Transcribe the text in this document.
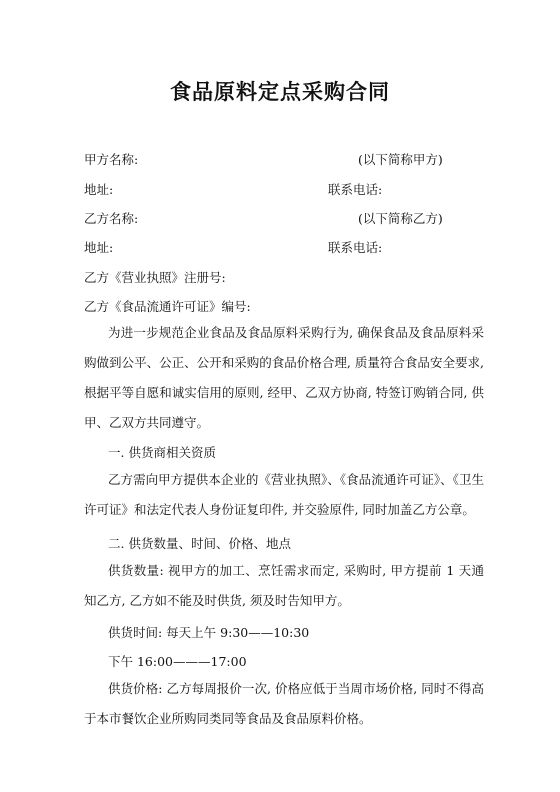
食品原料定点采购合同
甲方名称:	(以下简称甲方)
地址:	联系电话:
乙方名称:	(以下简称乙方)
地址:	联系电话:
乙方《营业执照》注册号:
乙方《食品流通许可证》编号:
为进一步规范企业食品及食品原料采购行为, 确保食品及食品原料采购做到公平、公正、公开和采购的食品价格合理, 质量符合食品安全要求, 根据平等自愿和诚实信用的原则, 经甲、乙双方协商, 特签订购销合同, 供甲、乙双方共同遵守。
一. 供货商相关资质
乙方需向甲方提供本企业的《营业执照》、《食品流通许可证》、《卫生许可证》和法定代表人身份证复印件, 并交验原件, 同时加盖乙方公章。
二. 供货数量、时间、价格、地点
供货数量: 视甲方的加工、烹饪需求而定, 采购时, 甲方提前 1 天通知乙方, 乙方如不能及时供货, 须及时告知甲方。
供货时间: 每天上午 9:30——10:30
下午 16:00———17:00
供货价格: 乙方每周报价一次, 价格应低于当周市场价格, 同时不得高于本市餐饮企业所购同类同等食品及食品原料价格。
